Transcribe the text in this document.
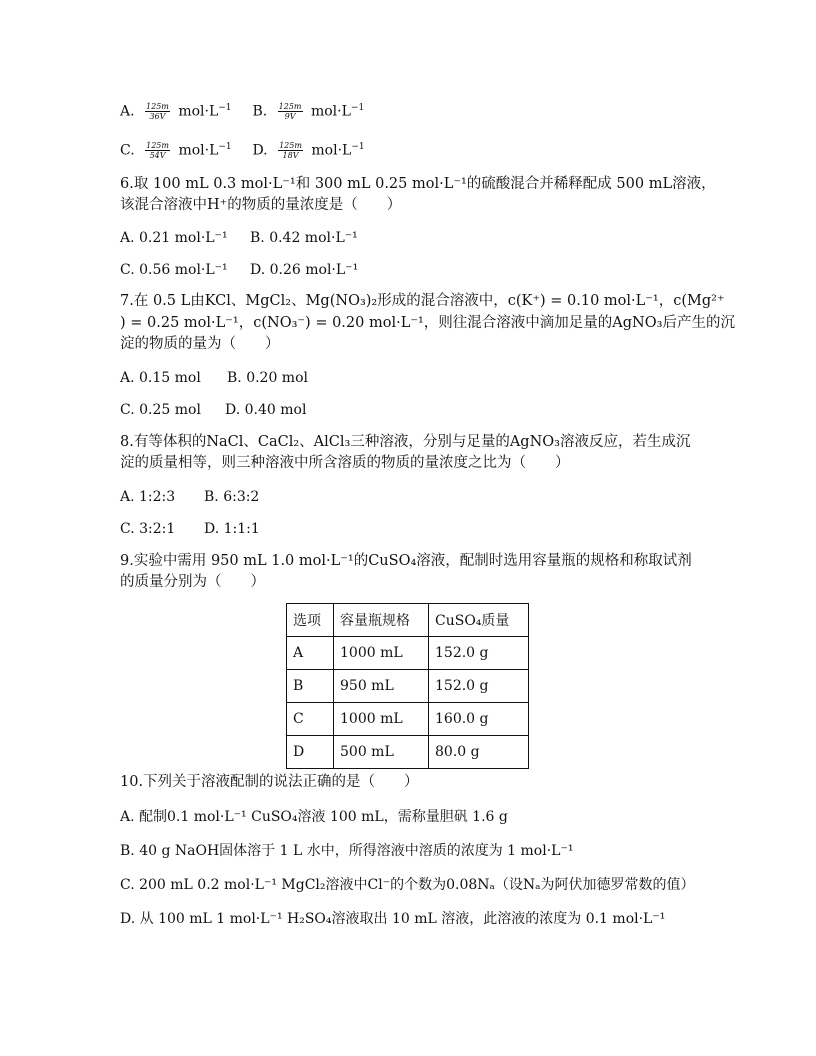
A. $\frac{125m}{36V} mol\cdot L^{-1}$ B. $\frac{125m}{9V} mol\cdot L^{-1}$
C. $\frac{125m}{54V} mol\cdot L^{-1}$ D. $\frac{125m}{18V} mol\cdot L^{-1}$
6.取 100 mL 0.3 mol·L⁻¹和 300 mL 0.25 mol·L⁻¹的硫酸混合并稀释配成 500 mL溶液，
该混合溶液中H⁺的物质的量浓度是（　　）
A. 0.21 mol·L⁻¹ B. 0.42 mol·L⁻¹
C. 0.56 mol·L⁻¹ D. 0.26 mol·L⁻¹
7.在 0.5 L由KCl、MgCl₂、Mg(NO₃)₂形成的混合溶液中，c(K⁺) = 0.10 mol·L⁻¹，c(Mg²⁺
) = 0.25 mol·L⁻¹，c(NO₃⁻) = 0.20 mol·L⁻¹，则往混合溶液中滴加足量的AgNO₃后产生的沉
淀的物质的量为（　　）
A. 0.15 mol B. 0.20 mol
C. 0.25 mol D. 0.40 mol
8.有等体积的NaCl、CaCl₂、AlCl₃三种溶液，分别与足量的AgNO₃溶液反应，若生成沉
淀的质量相等，则三种溶液中所含溶质的物质的量浓度之比为（　　）
A. 1:2:3 B. 6:3:2
C. 3:2:1 D. 1:1:1
9.实验中需用 950 mL 1.0 mol·L⁻¹的CuSO₄溶液，配制时选用容量瓶的规格和称取试剂
的质量分别为（　　）
选项	容量瓶规格	CuSO₄质量
A	1000 mL	152.0 g
B	950 mL	152.0 g
C	1000 mL	160.0 g
D	500 mL	80.0 g
10.下列关于溶液配制的说法正确的是（　　）
A. 配制0.1 mol·L⁻¹ CuSO₄溶液 100 mL，需称量胆矾 1.6 g
B. 40 g NaOH固体溶于 1 L 水中，所得溶液中溶质的浓度为 1 mol·L⁻¹
C. 200 mL 0.2 mol·L⁻¹ MgCl₂溶液中Cl⁻的个数为0.08Nₐ（设Nₐ为阿伏加德罗常数的值）
D. 从 100 mL 1 mol·L⁻¹ H₂SO₄溶液取出 10 mL 溶液，此溶液的浓度为 0.1 mol·L⁻¹
